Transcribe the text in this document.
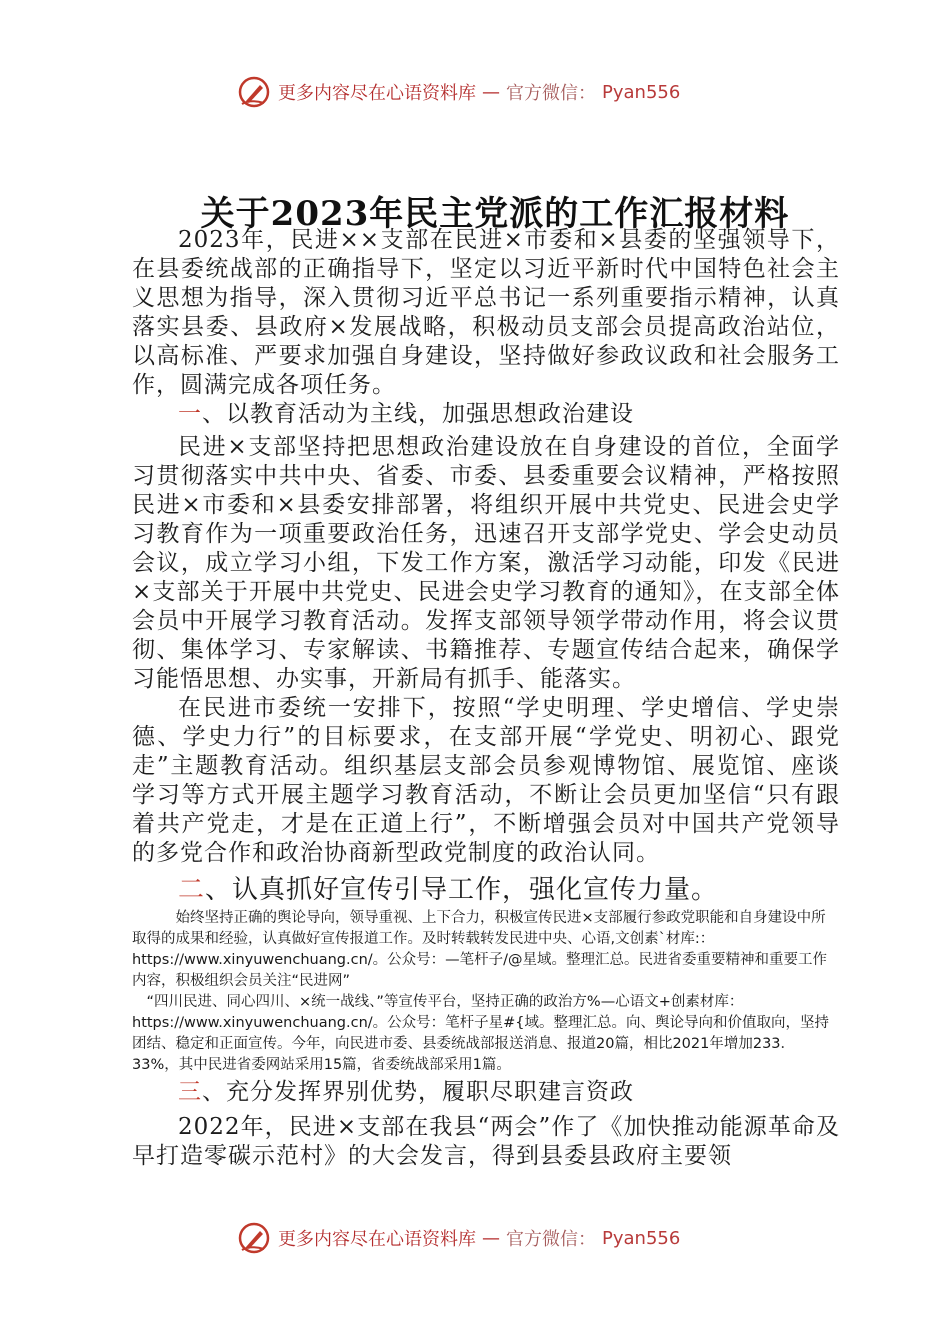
更多内容尽在心语资料库 — 官方微信： Pyan556
关于2023年民主党派的工作汇报材料

2023年，民进××支部在民进×市委和×县委的坚强领导下，在县委统战部的正确指导下，坚定以习近平新时代中国特色社会主义思想为指导，深入贯彻习近平总书记一系列重要指示精神，认真落实县委、县政府×发展战略，积极动员支部会员提高政治站位，以高标准、严要求加强自身建设，坚持做好参政议政和社会服务工作，圆满完成各项任务。

一、以教育活动为主线，加强思想政治建设

民进×支部坚持把思想政治建设放在自身建设的首位，全面学习贯彻落实中共中央、省委、市委、县委重要会议精神，严格按照民进×市委和×县委安排部署，将组织开展中共党史、民进会史学习教育作为一项重要政治任务，迅速召开支部学党史、学会史动员会议，成立学习小组，下发工作方案，激活学习动能，印发《民进×支部关于开展中共党史、民进会史学习教育的通知》，在支部全体会员中开展学习教育活动。发挥支部领导领学带动作用，将会议贯彻、集体学习、专家解读、书籍推荐、专题宣传结合起来，确保学习能悟思想、办实事，开新局有抓手、能落实。

在民进市委统一安排下，按照“学史明理、学史增信、学史崇德、学史力行”的目标要求，在支部开展“学党史、明初心、跟党走”主题教育活动。组织基层支部会员参观博物馆、展览馆、座谈学习等方式开展主题学习教育活动，不断让会员更加坚信“只有跟着共产党走，才是在正道上行”，不断增强会员对中国共产党领导的多党合作和政治协商新型政党制度的政治认同。

二、认真抓好宣传引导工作，强化宣传力量。

始终坚持正确的舆论导向，领导重视、上下合力，积极宣传民进×支部履行参政党职能和自身建设中所取得的成果和经验，认真做好宣传报道工作。及时转载转发民进中央、心语,文创素`材库:：https://www.xinyuwenchuang.cn/。公众号：—笔杆子/@星域。整理汇总。民进省委重要精神和重要工作内容，积极组织会员关注“民进网”

“四川民进、同心四川、×统一战线、”等宣传平台，坚持正确的政治方%—心语文+创素材库：https://www.xinyuwenchuang.cn/。公众号：笔杆子星#{域。整理汇总。向、舆论导向和价值取向，坚持团结、稳定和正面宣传。今年，向民进市委、县委统战部报送消息、报道20篇，相比2021年增加233．33%，其中民进省委网站采用15篇，省委统战部采用1篇。

三、充分发挥界别优势，履职尽职建言资政

2022年，民进×支部在我县“两会”作了《加快推动能源革命及早打造零碳示范村》的大会发言，得到县委县政府主要领

更多内容尽在心语资料库 — 官方微信： Pyan556
